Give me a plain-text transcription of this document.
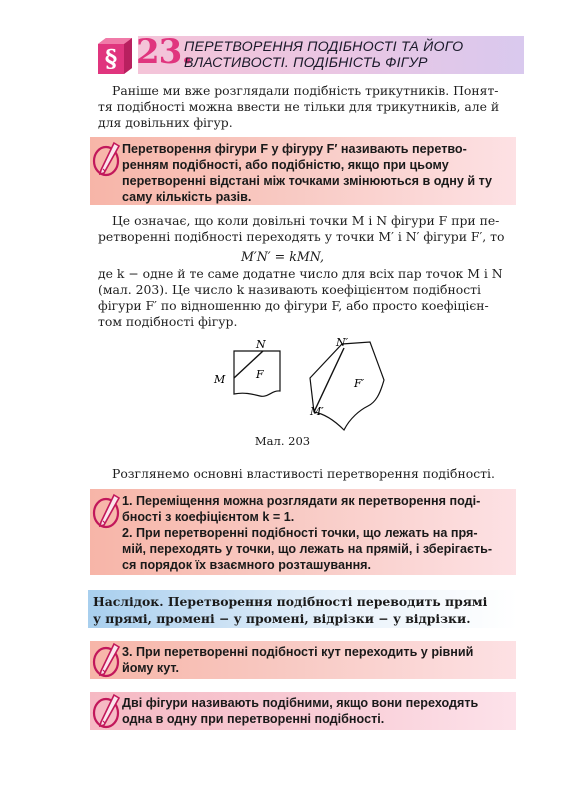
§ 23.
ПЕРЕТВОРЕННЯ ПОДІБНОСТІ ТА ЙОГО
ВЛАСТИВОСТІ. ПОДІБНІСТЬ ФІГУР
Раніше ми вже розглядали подібність трикутників. Понят-
тя подібності можна ввести не тільки для трикутників, але й
для довільних фігур.
Перетворення фігури F у фігуру F′ називають перетво-
ренням подібності, або подібністю, якщо при цьому
перетворенні відстані між точками змінюються в одну й ту
саму кількість разів.
Це означає, що коли довільні точки M і N фігури F при пе-
ретворенні подібності переходять у точки M′ і N′ фігури F′, то
M′N′ = kMN,
де k − одне й те саме додатне число для всіх пар точок M і N
(мал. 203). Це число k називають коефіцієнтом подібності
фігури F′ по відношенню до фігури F, або просто коефіцієн-
том подібності фігур.
N
M	F
N′
M′
F′
Мал. 203
Розглянемо основні властивості перетворення подібності.
1. Переміщення можна розглядати як перетворення поді-
бності з коефіцієнтом k = 1.
2. При перетворенні подібності точки, що лежать на пря-
мій, переходять у точки, що лежать на прямій, і зберігаєть-
ся порядок їх взаємного розташування.
Наслідок. Перетворення подібності переводить прямі
у прямі, промені − у промені, відрізки − у відрізки.
3. При перетворенні подібності кут переходить у рівний
йому кут.
Дві фігури називають подібними, якщо вони переходять
одна в одну при перетворенні подібності.
